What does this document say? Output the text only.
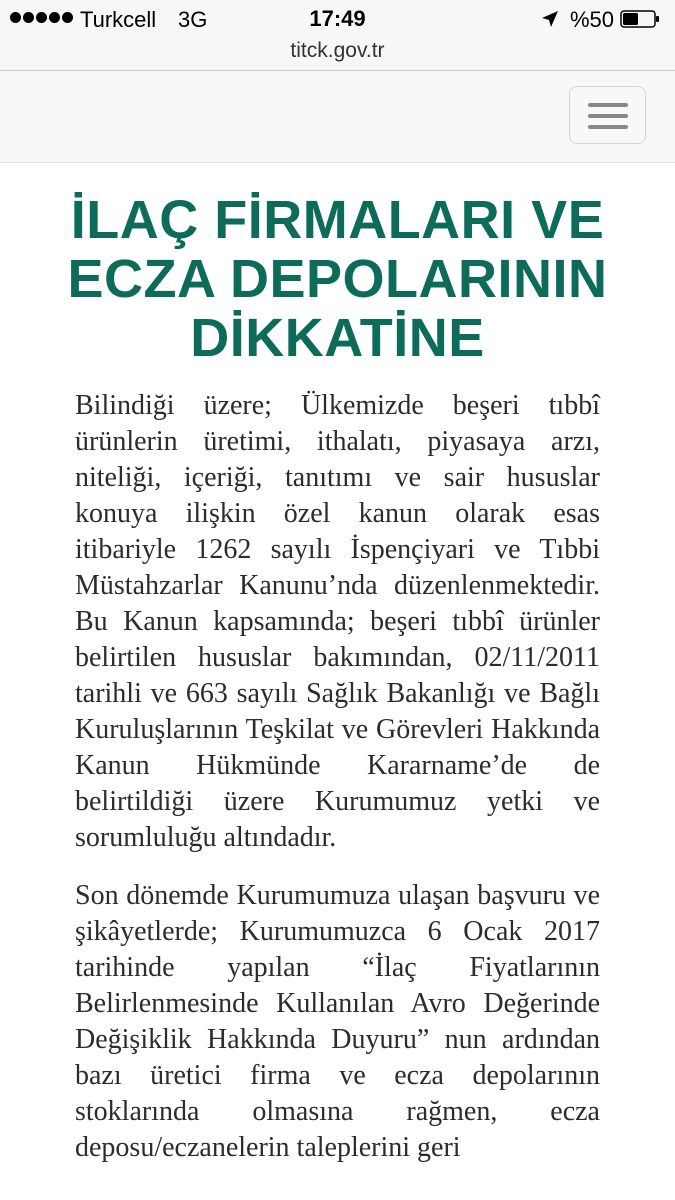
Turkcell 3G	17:49	%50
titck.gov.tr
İLAÇ FİRMALARI VE ECZA DEPOLARININ DİKKATİNE

Bilindiği üzere; Ülkemizde beşeri tıbbî ürünlerin üretimi, ithalatı, piyasaya arzı, niteliği, içeriği, tanıtımı ve sair hususlar konuya ilişkin özel kanun olarak esas itibariyle 1262 sayılı İspençiyari ve Tıbbi Müstahzarlar Kanunu’nda düzenlenmektedir. Bu Kanun kapsamında; beşeri tıbbî ürünler belirtilen hususlar bakımından, 02/11/2011 tarihli ve 663 sayılı Sağlık Bakanlığı ve Bağlı Kuruluşlarının Teşkilat ve Görevleri Hakkında Kanun Hükmünde Kararname’de de belirtildiği üzere Kurumumuz yetki ve sorumluluğu altındadır.

Son dönemde Kurumumuza ulaşan başvuru ve şikâyetlerde; Kurumumuzca 6 Ocak 2017 tarihinde yapılan “İlaç Fiyatlarının Belirlenmesinde Kullanılan Avro Değerinde Değişiklik Hakkında Duyuru” nun ardından bazı üretici firma ve ecza depolarının stoklarında olmasına rağmen, ecza deposu/eczanelerin taleplerini geri
